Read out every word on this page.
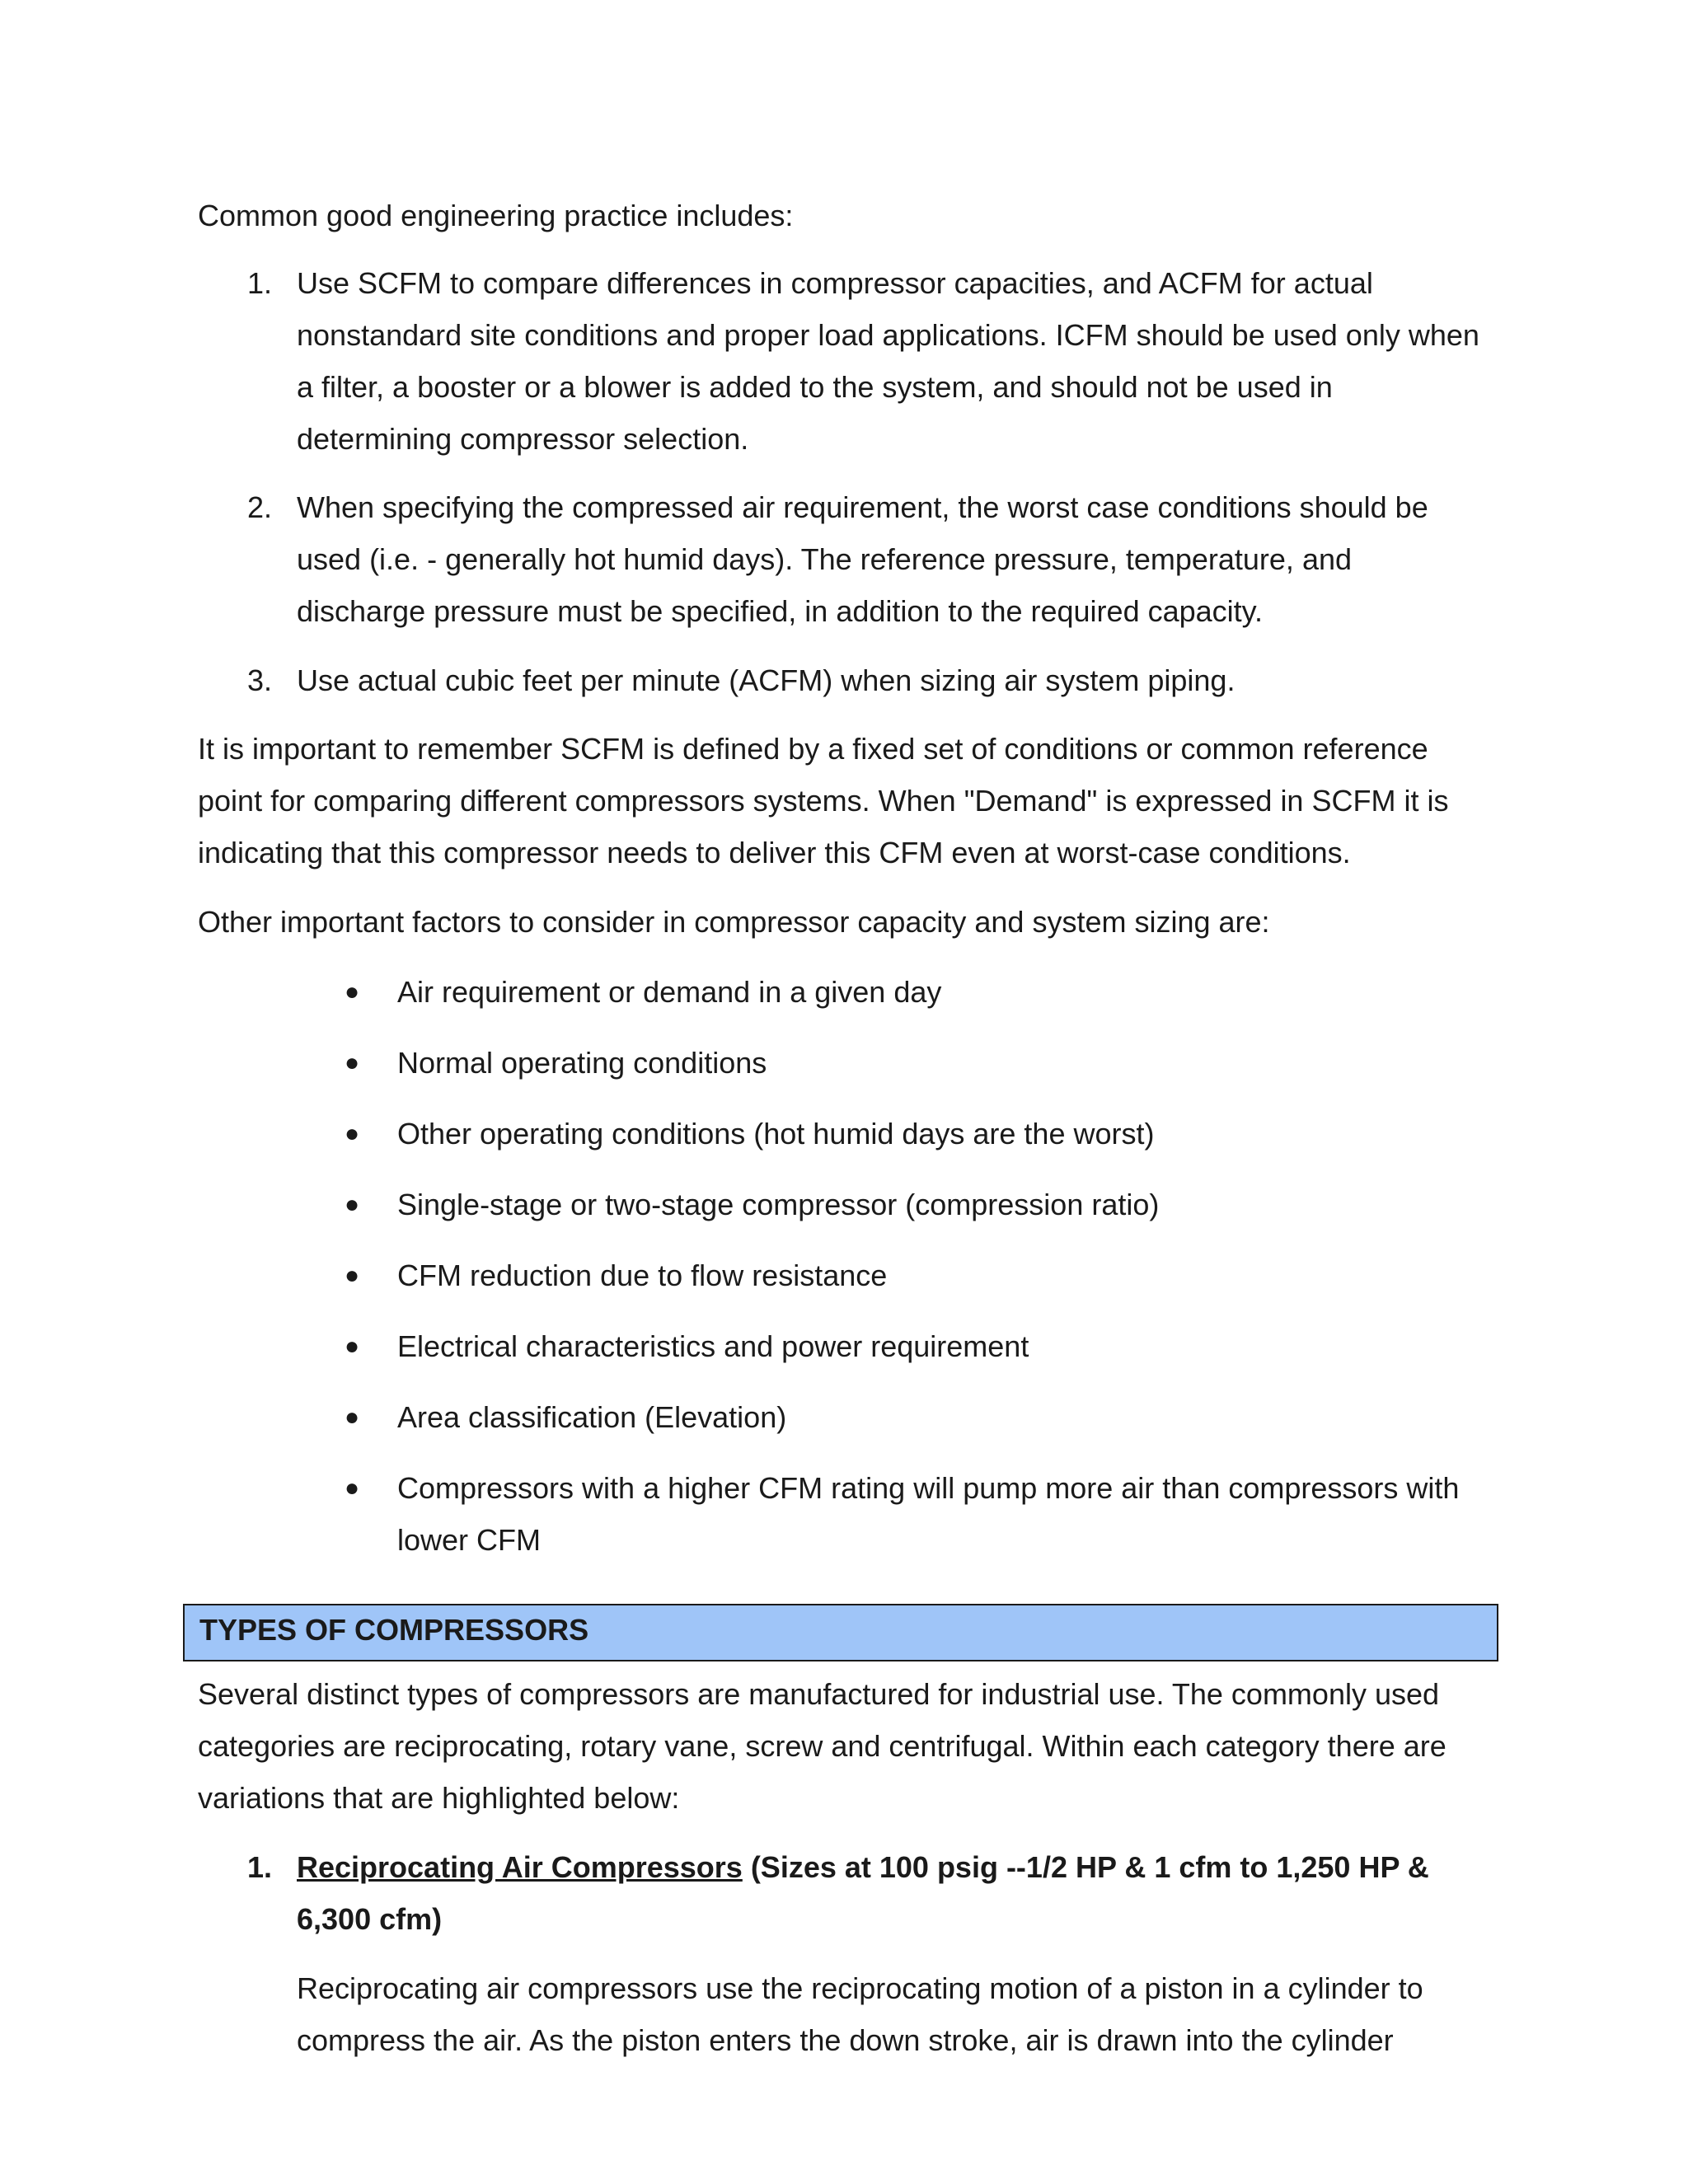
Common good engineering practice includes:

1. Use SCFM to compare differences in compressor capacities, and ACFM for actual nonstandard site conditions and proper load applications. ICFM should be used only when a filter, a booster or a blower is added to the system, and should not be used in determining compressor selection.
2. When specifying the compressed air requirement, the worst case conditions should be used (i.e. - generally hot humid days). The reference pressure, temperature, and discharge pressure must be specified, in addition to the required capacity.
3. Use actual cubic feet per minute (ACFM) when sizing air system piping.

It is important to remember SCFM is defined by a fixed set of conditions or common reference point for comparing different compressors systems. When "Demand" is expressed in SCFM it is indicating that this compressor needs to deliver this CFM even at worst-case conditions.

Other important factors to consider in compressor capacity and system sizing are:

●	Air requirement or demand in a given day
●	Normal operating conditions
●	Other operating conditions (hot humid days are the worst)
●	Single-stage or two-stage compressor (compression ratio)
●	CFM reduction due to flow resistance
●	Electrical characteristics and power requirement
●	Area classification (Elevation)
●	Compressors with a higher CFM rating will pump more air than compressors with lower CFM
TYPES OF COMPRESSORS

Several distinct types of compressors are manufactured for industrial use. The commonly used categories are reciprocating, rotary vane, screw and centrifugal. Within each category there are variations that are highlighted below:

1. Reciprocating Air Compressors (Sizes at 100 psig --1/2 HP & 1 cfm to 1,250 HP & 6,300 cfm)
Reciprocating air compressors use the reciprocating motion of a piston in a cylinder to compress the air. As the piston enters the down stroke, air is drawn into the cylinder
